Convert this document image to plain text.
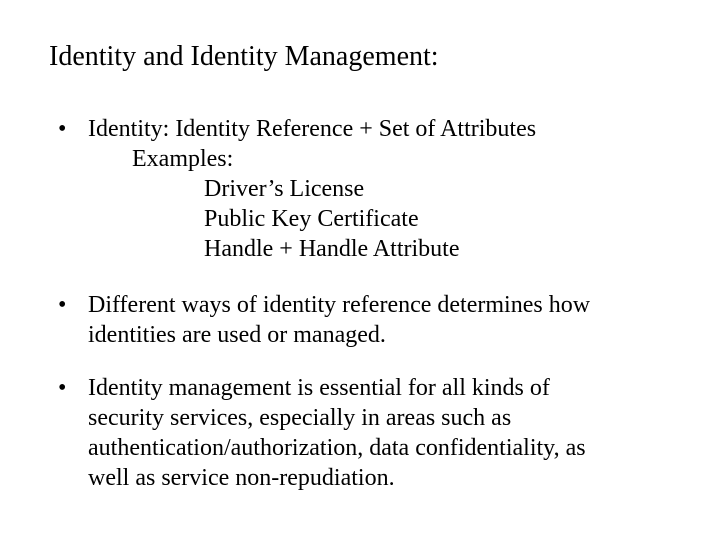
Identity and Identity Management:
• Identity: Identity Reference + Set of Attributes
Examples:
Driver’s License
Public Key Certificate
Handle + Handle Attribute
• Different ways of identity reference determines how
identities are used or managed.
• Identity management is essential for all kinds of
security services, especially in areas such as
authentication/authorization, data confidentiality, as
well as service non-repudiation.
